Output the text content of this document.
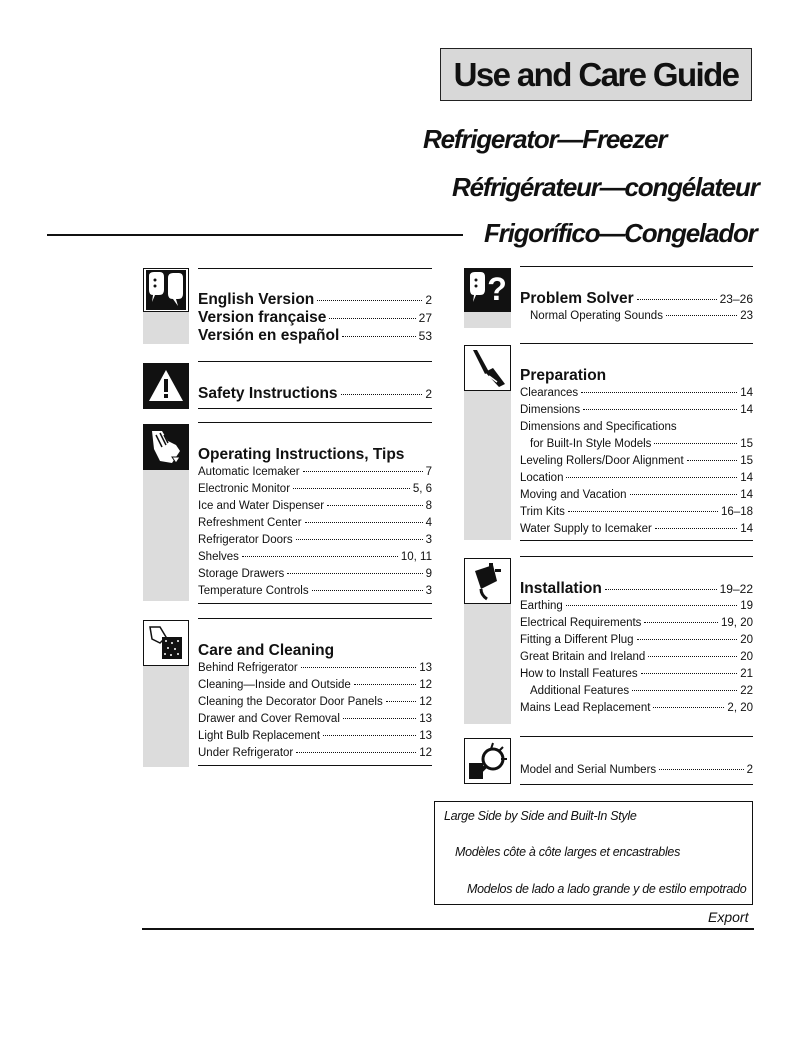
Use and Care Guide
Refrigerator—Freezer
Réfrigérateur—congélateur
Frigorífico—Congelador
English Version	2
Version française	27
Versión en español	53
Safety Instructions	2
Operating Instructions, Tips
Automatic Icemaker	7
Electronic Monitor	5, 6
Ice and Water Dispenser	8
Refreshment Center	4
Refrigerator Doors	3
Shelves	10, 11
Storage Drawers	9
Temperature Controls	3
Care and Cleaning
Behind Refrigerator	13
Cleaning—Inside and Outside	12
Cleaning the Decorator Door Panels	12
Drawer and Cover Removal	13
Light Bulb Replacement	13
Under Refrigerator	12
? Problem Solver	23–26
Normal Operating Sounds	23
Preparation
Clearances	14
Dimensions	14
Dimensions and Specifications
for Built-In Style Models	15
Leveling Rollers/Door Alignment	15
Location	14
Moving and Vacation	14
Trim Kits	16–18
Water Supply to Icemaker	14
Installation	19–22
Earthing	19
Electrical Requirements	19, 20
Fitting a Different Plug	20
Great Britain and Ireland	20
How to Install Features	21
Additional Features	22
Mains Lead Replacement	2, 20
Model and Serial Numbers	2
Large Side by Side and Built-In Style
Modèles côte à côte larges et encastrables
Modelos de lado a lado grande y de estilo empotrado
Export
